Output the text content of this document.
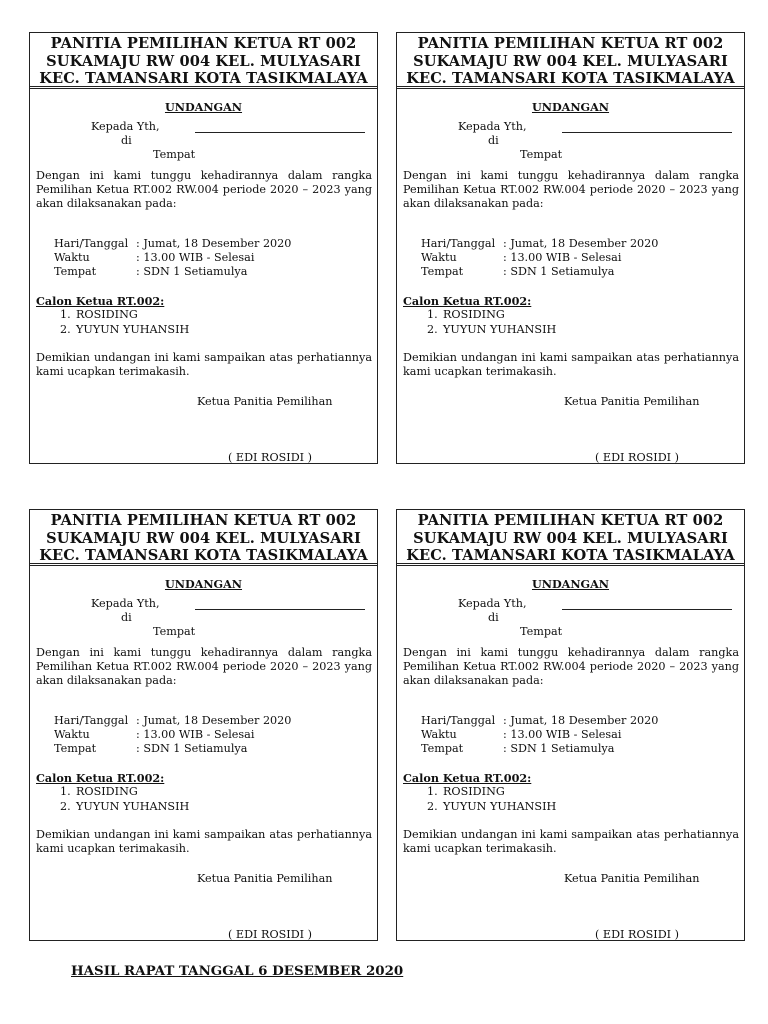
PANITIA PEMILIHAN KETUA RT 002
SUKAMAJU RW 004 KEL. MULYASARI
KEC. TAMANSARI KOTA TASIKMALAYA
UNDANGAN
Kepada Yth,
di
Tempat
Dengan ini kami tunggu kehadirannya dalam rangka Pemilihan Ketua RT.002 RW.004 periode 2020 – 2023 yang akan dilaksanakan pada:
Hari/Tanggal : Jumat, 18 Desember 2020
Waktu	: 13.00 WIB - Selesai
Tempat	: SDN 1 Setiamulya
Calon Ketua RT.002:
1. ROSIDING
2. YUYUN YUHANSIH
Demikian undangan ini kami sampaikan atas perhatiannya kami ucapkan terimakasih.
Ketua Panitia Pemilihan
( EDI ROSIDI )
PANITIA PEMILIHAN KETUA RT 002
SUKAMAJU RW 004 KEL. MULYASARI
KEC. TAMANSARI KOTA TASIKMALAYA
UNDANGAN
Kepada Yth,
di
Tempat
Dengan ini kami tunggu kehadirannya dalam rangka Pemilihan Ketua RT.002 RW.004 periode 2020 – 2023 yang akan dilaksanakan pada:
Hari/Tanggal : Jumat, 18 Desember 2020
Waktu	: 13.00 WIB - Selesai
Tempat	: SDN 1 Setiamulya
Calon Ketua RT.002:
1. ROSIDING
2. YUYUN YUHANSIH
Demikian undangan ini kami sampaikan atas perhatiannya kami ucapkan terimakasih.
Ketua Panitia Pemilihan
( EDI ROSIDI )
PANITIA PEMILIHAN KETUA RT 002
SUKAMAJU RW 004 KEL. MULYASARI
KEC. TAMANSARI KOTA TASIKMALAYA
UNDANGAN
Kepada Yth,
di
Tempat
Dengan ini kami tunggu kehadirannya dalam rangka Pemilihan Ketua RT.002 RW.004 periode 2020 – 2023 yang akan dilaksanakan pada:
Hari/Tanggal : Jumat, 18 Desember 2020
Waktu	: 13.00 WIB - Selesai
Tempat	: SDN 1 Setiamulya
Calon Ketua RT.002:
1. ROSIDING
2. YUYUN YUHANSIH
Demikian undangan ini kami sampaikan atas perhatiannya kami ucapkan terimakasih.
Ketua Panitia Pemilihan
( EDI ROSIDI )
PANITIA PEMILIHAN KETUA RT 002
SUKAMAJU RW 004 KEL. MULYASARI
KEC. TAMANSARI KOTA TASIKMALAYA
UNDANGAN
Kepada Yth,
di
Tempat
Dengan ini kami tunggu kehadirannya dalam rangka Pemilihan Ketua RT.002 RW.004 periode 2020 – 2023 yang akan dilaksanakan pada:
Hari/Tanggal : Jumat, 18 Desember 2020
Waktu	: 13.00 WIB - Selesai
Tempat	: SDN 1 Setiamulya
Calon Ketua RT.002:
1. ROSIDING
2. YUYUN YUHANSIH
Demikian undangan ini kami sampaikan atas perhatiannya kami ucapkan terimakasih.
Ketua Panitia Pemilihan
( EDI ROSIDI )
HASIL RAPAT TANGGAL 6 DESEMBER 2020
